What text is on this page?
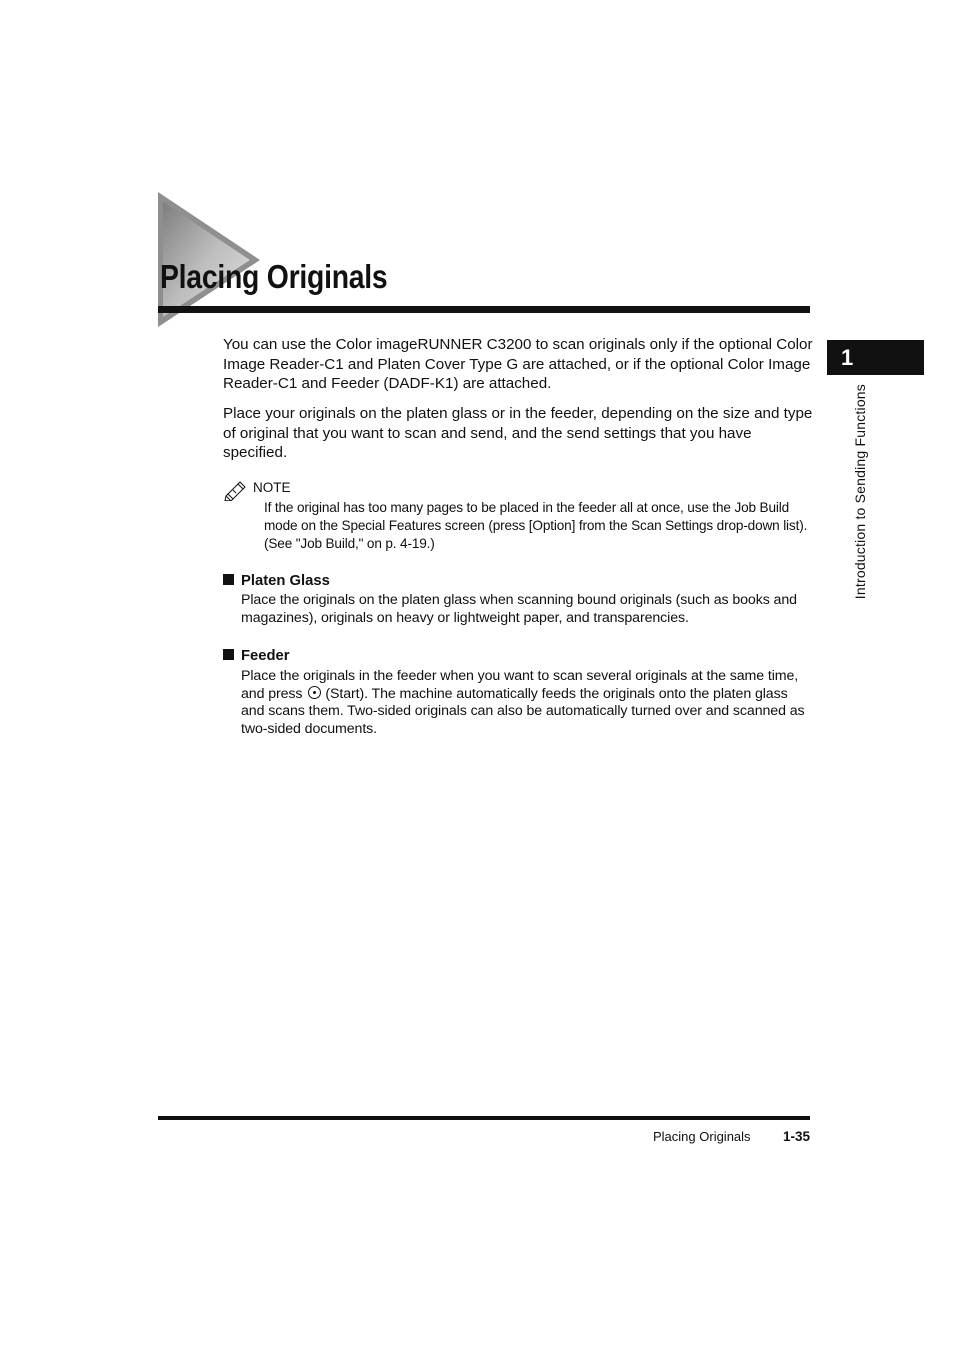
Placing Originals
1
Introduction to Sending Functions

You can use the Color imageRUNNER C3200 to scan originals only if the optional Color Image Reader-C1 and Platen Cover Type G are attached, or if the optional Color Image Reader-C1 and Feeder (DADF-K1) are attached.

Place your originals on the platen glass or in the feeder, depending on the size and type of original that you want to scan and send, and the send settings that you have specified.

NOTE

If the original has too many pages to be placed in the feeder all at once, use the Job Build mode on the Special Features screen (press [Option] from the Scan Settings drop-down list). (See "Job Build," on p. 4-19.)

Platen Glass

Place the originals on the platen glass when scanning bound originals (such as books and magazines), originals on heavy or lightweight paper, and transparencies.

Feeder

Place the originals in the feeder when you want to scan several originals at the same time, and press (Start). The machine automatically feeds the originals onto the platen glass and scans them. Two-sided originals can also be automatically turned over and scanned as two-sided documents.

Placing Originals 1-35
